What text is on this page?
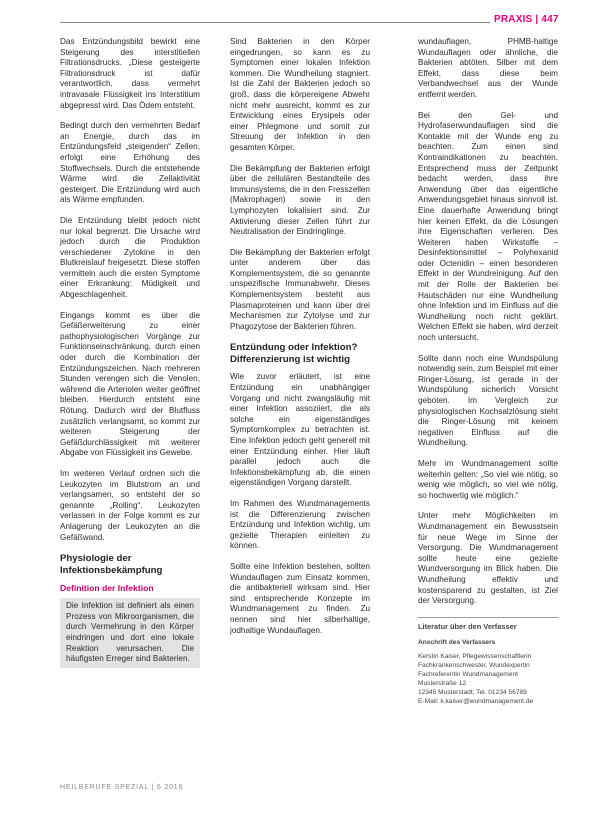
PRAXIS | 447

Das Entzündungsbild bewirkt eine Steigerung des interstitiellen Filtrationsdrucks. „Diese gesteigerte Filtrationsdruck ist dafür verantwortlich, dass vermehrt intravasale Flüssigkeit ins Interstitium abgepresst wird. Das Ödem entsteht.

Bedingt durch den vermehrten Bedarf an Energie, durch das im Entzündungsfeld „steigenden“ Zellen, erfolgt eine Erhöhung des Stoffwechsels. Durch die entstehende Wärme wird die Zellaktivität gesteigert. Die Entzündung wird auch als Wärme empfunden.

Die Entzündung bleibt jedoch nicht nur lokal begrenzt. Die Ursache wird jedoch durch die Produktion verschiedener Zytokine in den Blutkreislauf freigesetzt. Diese stoffen vermitteln auch die ersten Symptome einer Erkrankung: Müdigkeit und Abgeschlagenheit.

Eingangs kommt es über die Gefäßerweiterung zu einer pathophysiologischen Vorgänge zur Funktionseinschränkung, durch einen oder durch die Kombination der Entzündungszeichen. Nach mehreren Stunden verengen sich die Venolen, während die Arteriolen weiter geöffnet bleiben. Hierdurch entsteht eine Rötung. Dadurch wird der Blutfluss zusätzlich verlangsamt, so kommt zur weiteren Steigerung der Gefäßdurchlässigkeit mit weiterer Abgabe von Flüssigkeit ins Gewebe.

Im weiteren Verlauf ordnen sich die Leukozyten im Blutstrom an und verlangsamen, so entsteht der so genannte „Rolling“. Leukozyten verlassen in der Folge kommt es zur Anlagerung der Leukozyten an die Gefäßwand.

Physiologie der Infektionsbekämpfung
Definition der Infektion

Die Infektion ist definiert als einen Prozess von Mikroorganismen, die durch Vermehrung in den Körper eindringen und dort eine lokale Reaktion verursachen. Die häufigsten Erreger sind Bakterien.

Sind Bakterien in den Körper eingedrungen, so kann es zu Symptomen einer lokalen Infektion kommen. Die Wundheilung stagniert. Ist die Zahl der Bakterien jedoch so groß, dass die körpereigene Abwehr nicht mehr ausreicht, kommt es zur Entwicklung eines Erysipels oder einer Phlegmone und somit zur Streuung der Infektion in den gesamten Körper.

Die Bekämpfung der Bakterien erfolgt über die zellulären Bestandteile des Immunsystems, die in den Fresszellen (Makrophagen) sowie in den Lymphozyten lokalisiert sind. Zur Aktivierung dieser Zellen führt zur Neutralisation der Eindringlinge.

Die Bekämpfung der Bakterien erfolgt unter anderem über das Komplementsystem, die so genannte unspezifische Immunabwehr. Dieses Komplementsystem besteht aus Plasmaproteinen und kann über drei Mechanismen zur Zytolyse und zur Phagozytose der Bakterien führen.

Entzündung oder Infektion? Differenzierung ist wichtig

Wie zuvor erläutert, ist eine Entzündung ein unabhängiger Vorgang und nicht zwangsläufig mit einer Infektion assoziiert, die als solche ein eigenständiges Symptomkomplex zu betrachten ist. Eine Infektion jedoch geht generell mit einer Entzündung einher. Hier läuft parallel jedoch auch die Infektionsbekämpfung ab, die einen eigenständigen Vorgang darstellt.

Im Rahmen des Wundmanagements ist die Differenzierung zwischen Entzündung und Infektion wichtig, um gezielte Therapien einleiten zu können.

Sollte eine Infektion bestehen, sollten Wundauflagen zum Einsatz kommen, die antibakteriell wirksam sind. Hier sind entsprechende Konzepte im Wundmanagement zu finden. Zu nennen sind hier silberhaltige, jodhaltige Wundauflagen.

wundauflagen, PHMB-haltige Wundauflagen oder ähnliche, die Bakterien abtöten. Silber mit dem Effekt, dass diese beim Verbandwechsel aus der Wunde entfernt werden.

Bei den Gel- und Hydrofaserwundauflagen sind die Kontakte mit der Wunde eng zu beachten. Zum einen sind Kontraindikationen zu beachten. Entsprechend muss der Zeitpunkt bedacht werden, dass ihre Anwendung über das eigentliche Anwendungsgebiet hinaus sinnvoll ist. Eine dauerhafte Anwendung bringt hier keinen Effekt, da die Lösungen ihre Eigenschaften verlieren. Des Weiteren haben Wirkstoffe – Desinfektionsmittel – Polyhexanid oder Octenidin – einen besonderen Effekt in der Wundreinigung. Auf den mit der Rolle der Bakterien bei Hautschäden nur eine Wundheilung ohne Infektion und im Einfluss auf die Wundheilung noch nicht geklärt. Welchen Effekt sie haben, wird derzeit noch untersucht.

Sollte dann noch eine Wundspülung notwendig sein, zum Beispiel mit einer Ringer-Lösung, ist gerade in der Wundspülung sicherlich Vorsicht geboten. Im Vergleich zur physiologischen Kochsalzlösung steht die Ringer-Lösung mit keinem negativen Einfluss auf die Wundheilung.

Mehr im Wundmanagement sollte weiterhin gelten: „So viel wie nötig, so wenig wie möglich, so viel wie nötig, so hochwertig wie möglich.“

Unter mehr Möglichkeiten im Wundmanagement ein Bewusstsein für neue Wege im Sinne der Versorgung. Die Wundmanagement sollte heute eine gezielte Wundversorgung im Blick haben. Die Wundheilung effektiv und kostensparend zu gestalten, ist Ziel der Versorgung.

Literatur über den Verfasser
Anschrift des Verfassers
Kerstin Kaiser, Pflegewissenschaftlerin
Fachkrankenschwester, Wundexpertin
Fachreferentin Wundmanagement
Musterstraße 12
12345 Musterstadt, Tel. 01234 56789
E-Mail: k.kaiser@wundmanagement.de
HEILBERUFE SPEZIAL | 6 2016
